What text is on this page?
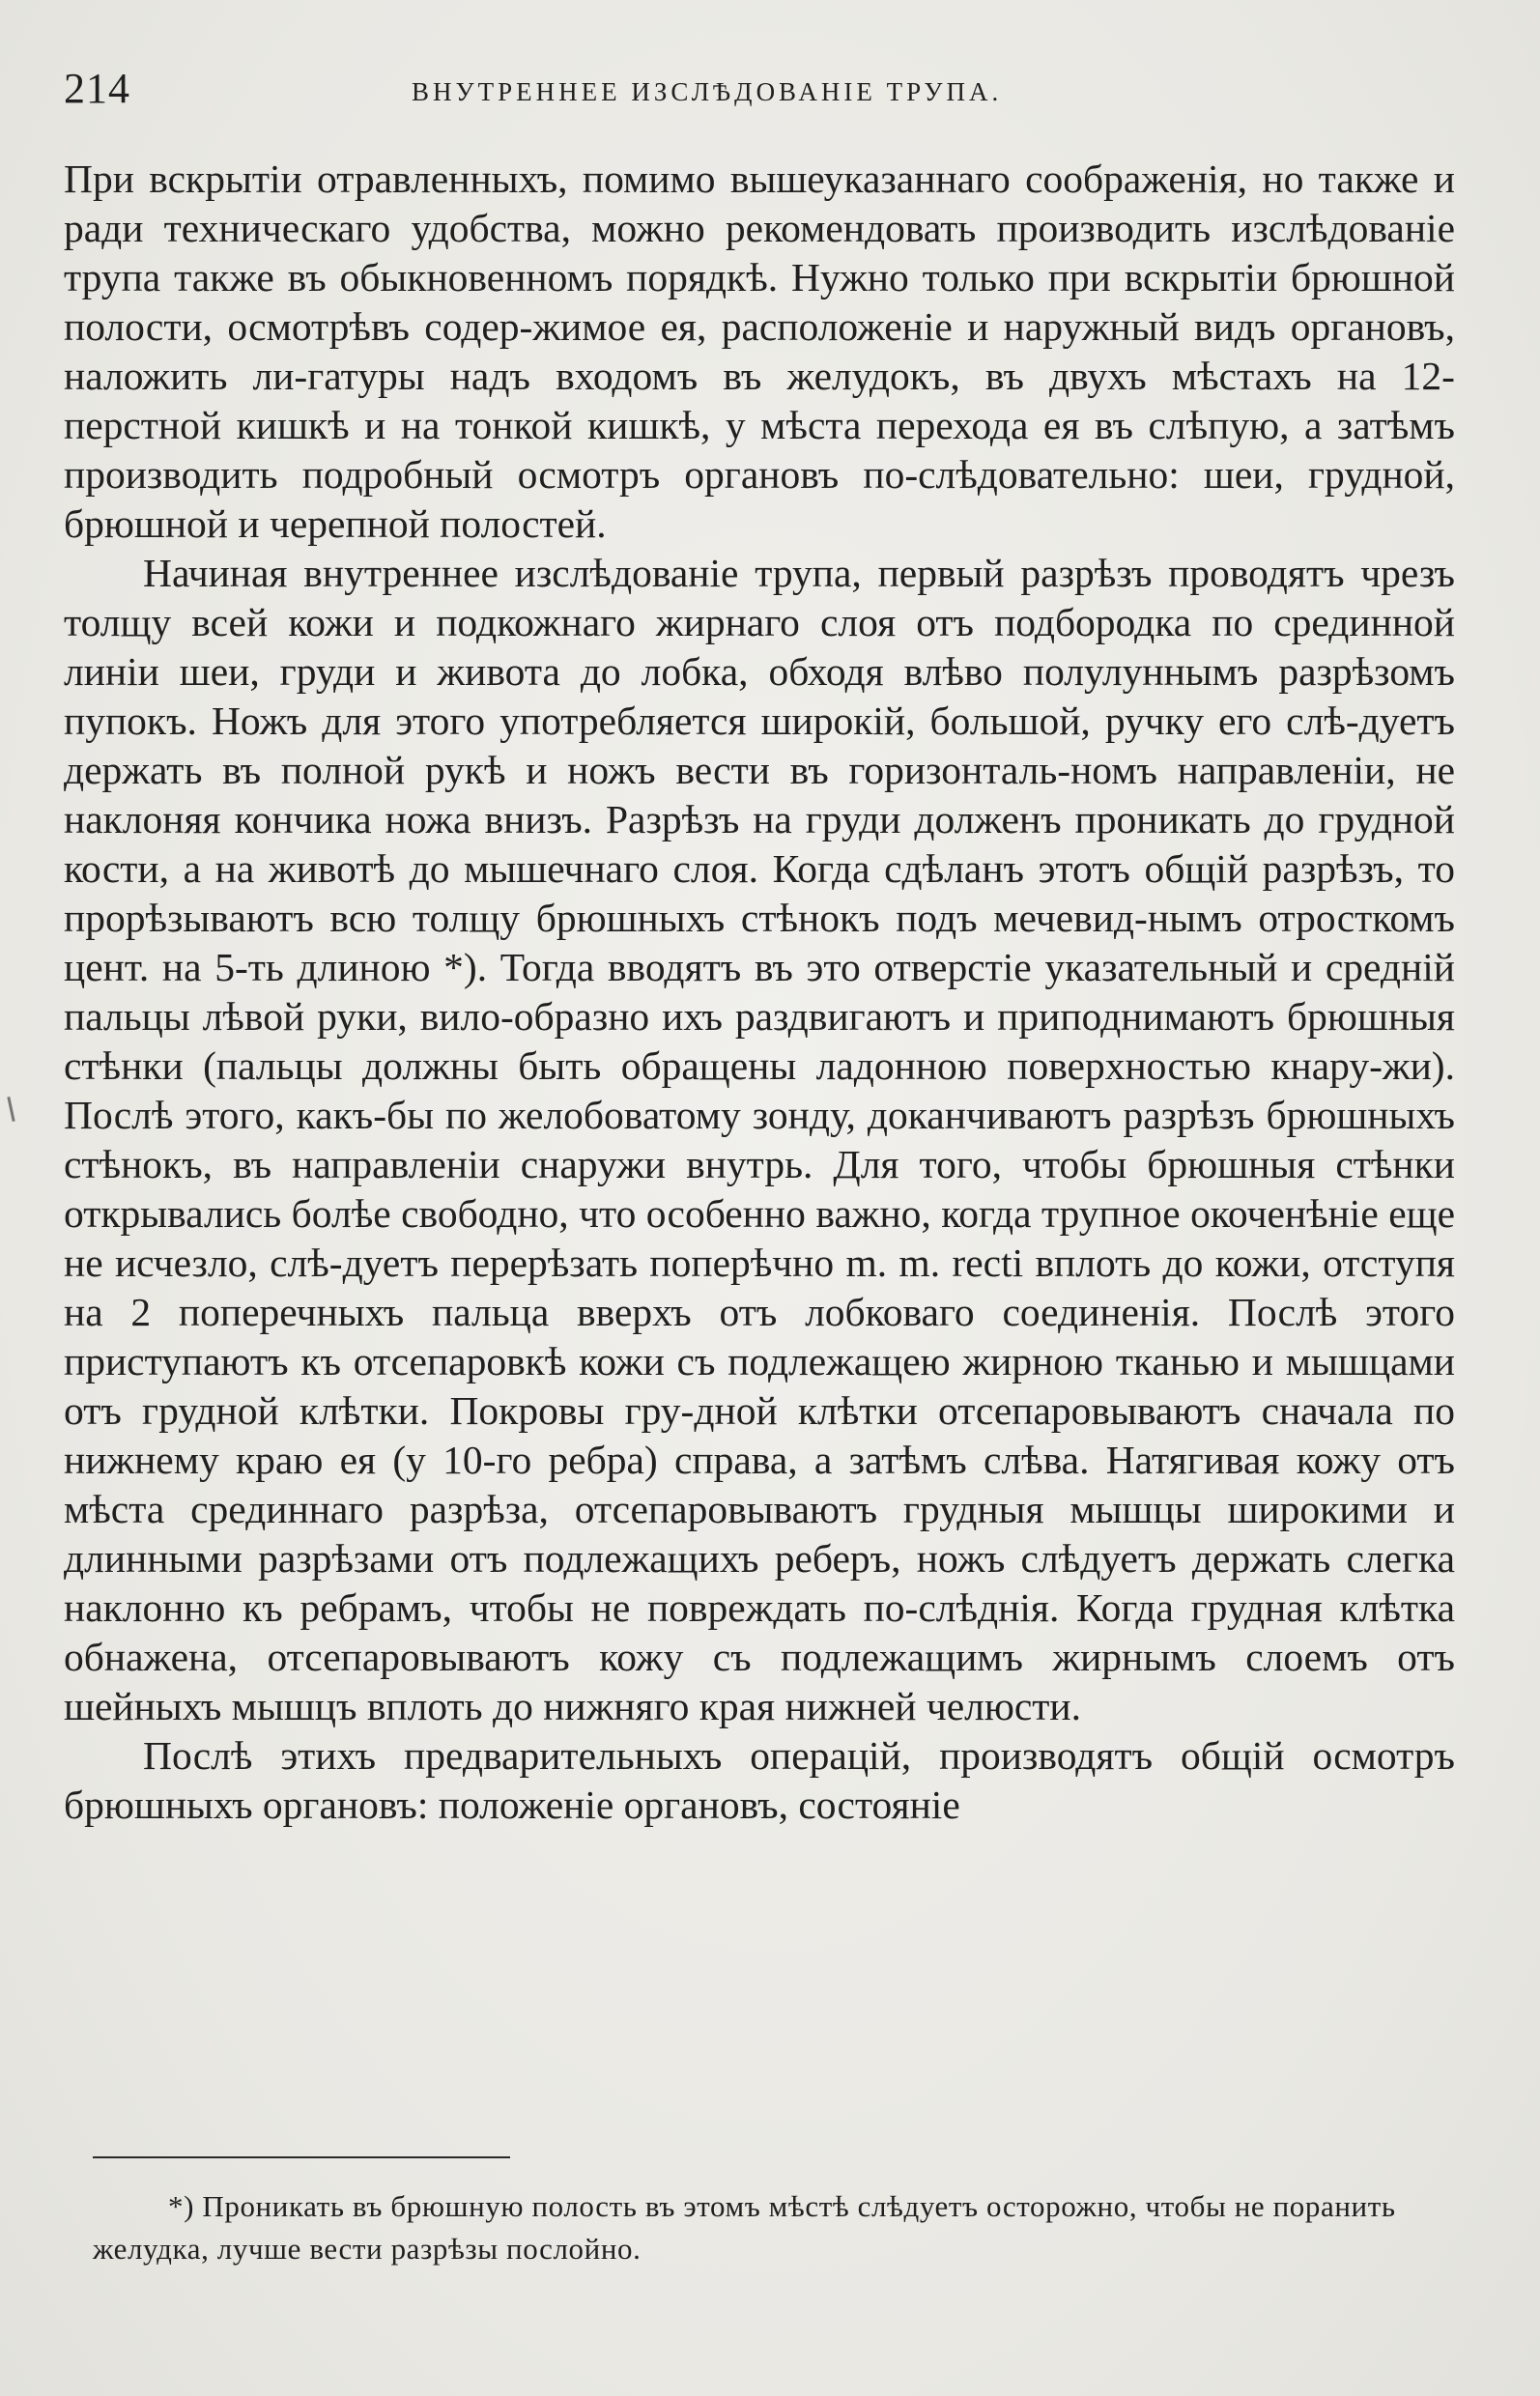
214	ВНУТРЕННЕЕ ИЗСЛѢДОВАНІЕ ТРУПА.

При вскрытіи отравленныхъ, помимо вышеуказаннаго соображенія, но также и ради техническаго удобства, можно рекомендовать производить изслѣдованіе трупа также въ обыкновенномъ порядкѣ. Нужно только при вскрытіи брюшной полости, осмотрѣвъ содер-жимое ея, расположеніе и наружный видъ органовъ, наложить ли-гатуры надъ входомъ въ желудокъ, въ двухъ мѣстахъ на 12-перстной кишкѣ и на тонкой кишкѣ, у мѣста перехода ея въ слѣпую, а затѣмъ производить подробный осмотръ органовъ по-слѣдовательно: шеи, грудной, брюшной и черепной полостей.

Начиная внутреннее изслѣдованіе трупа, первый разрѣзъ проводятъ чрезъ толщу всей кожи и подкожнаго жирнаго слоя отъ подбородка по срединной линіи шеи, груди и живота до лобка, обходя влѣво полулуннымъ разрѣзомъ пупокъ. Ножъ для этого употребляется широкій, большой, ручку его слѣ-дуетъ держать въ полной рукѣ и ножъ вести въ горизонталь-номъ направленіи, не наклоняя кончика ножа внизъ. Разрѣзъ на груди долженъ проникать до грудной кости, а на животѣ до мышечнаго слоя. Когда сдѣланъ этотъ общій разрѣзъ, то прорѣзываютъ всю толщу брюшныхъ стѣнокъ подъ мечевид-нымъ отросткомъ цент. на 5-ть длиною *). Тогда вводятъ въ это отверстіе указательный и средній пальцы лѣвой руки, вило-образно ихъ раздвигаютъ и приподнимаютъ брюшныя стѣнки (пальцы должны быть обращены ладонною поверхностью кнару-жи). Послѣ этого, какъ-бы по желобоватому зонду, доканчиваютъ разрѣзъ брюшныхъ стѣнокъ, въ направленіи снаружи внутрь. Для того, чтобы брюшныя стѣнки открывались болѣе свободно, что особенно важно, когда трупное окоченѣніе еще не исчезло, слѣ-дуетъ перерѣзать поперѣчно m. m. recti вплоть до кожи, отступя на 2 поперечныхъ пальца вверхъ отъ лобковаго соединенія. Послѣ этого приступаютъ къ отсепаровкѣ кожи съ подлежащею жирною тканью и мышцами отъ грудной клѣтки. Покровы гру-дной клѣтки отсепаровываютъ сначала по нижнему краю ея (у 10-го ребра) справа, а затѣмъ слѣва. Натягивая кожу отъ мѣста срединнаго разрѣза, отсепаровываютъ грудныя мышцы широкими и длинными разрѣзами отъ подлежащихъ реберъ, ножъ слѣдуетъ держать слегка наклонно къ ребрамъ, чтобы не повреждать по-слѣднія. Когда грудная клѣтка обнажена, отсепаровываютъ кожу съ подлежащимъ жирнымъ слоемъ отъ шейныхъ мышцъ вплоть до нижняго края нижней челюсти.

Послѣ этихъ предварительныхъ операцій, производятъ общій осмотръ брюшныхъ органовъ: положеніе органовъ, состояніе

*) Проникать въ брюшную полость въ этомъ мѣстѣ слѣдуетъ осторожно, чтобы не поранить желудка, лучше вести разрѣзы послойно.
